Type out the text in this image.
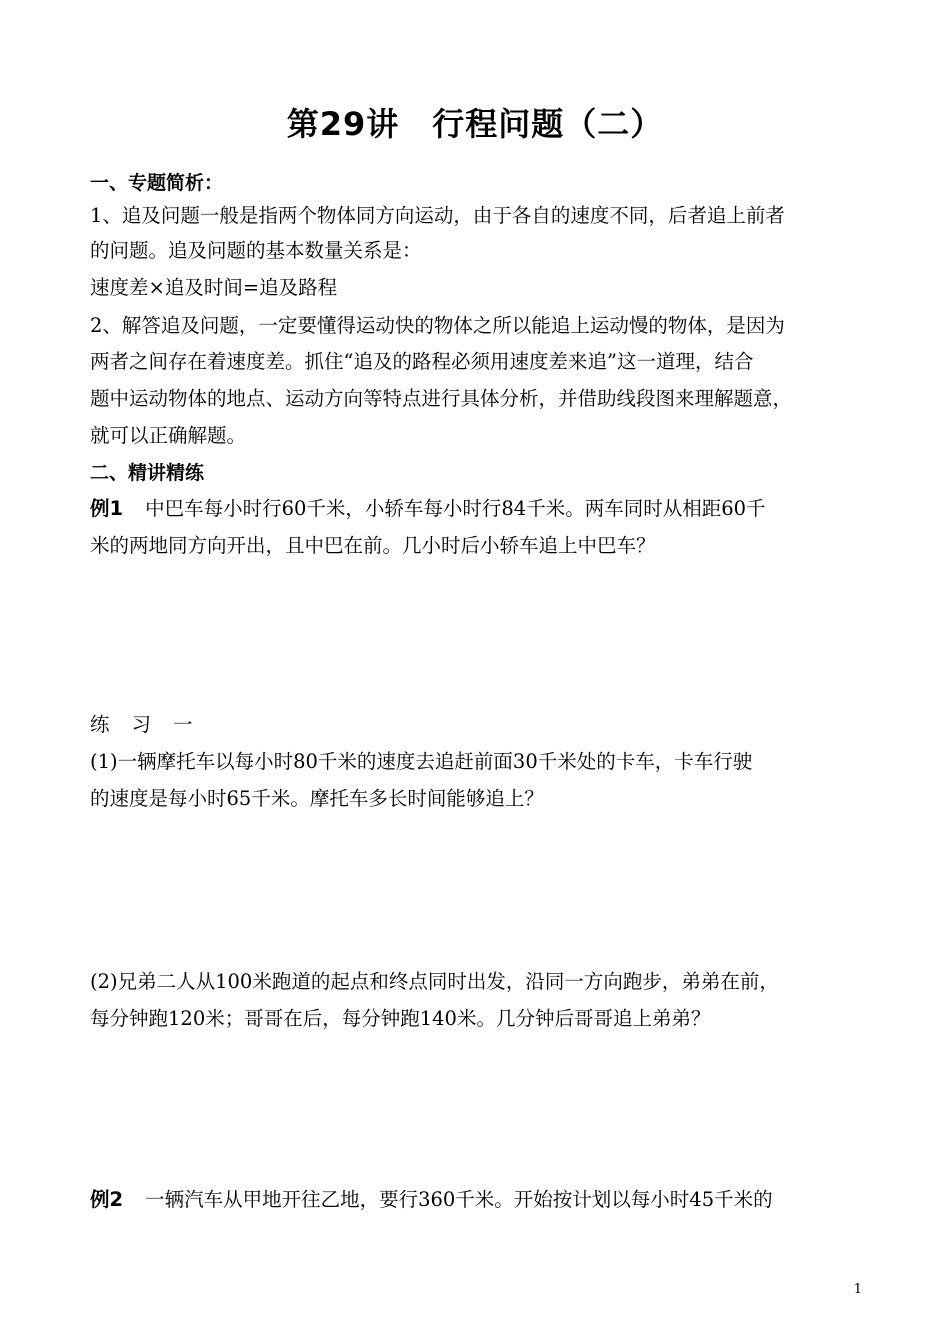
第29讲　行程问题（二）
一、专题简析：
1、追及问题一般是指两个物体同方向运动，由于各自的速度不同，后者追上前者
的问题。追及问题的基本数量关系是：
速度差×追及时间=追及路程
2、解答追及问题，一定要懂得运动快的物体之所以能追上运动慢的物体，是因为
两者之间存在着速度差。抓住“追及的路程必须用速度差来追”这一道理，结合
题中运动物体的地点、运动方向等特点进行具体分析，并借助线段图来理解题意，
就可以正确解题。
二、精讲精练
例1 中巴车每小时行60千米，小轿车每小时行84千米。两车同时从相距60千
米的两地同方向开出，且中巴在前。几小时后小轿车追上中巴车？
练习一
(1)一辆摩托车以每小时80千米的速度去追赶前面30千米处的卡车，卡车行驶
的速度是每小时65千米。摩托车多长时间能够追上？
(2)兄弟二人从100米跑道的起点和终点同时出发，沿同一方向跑步，弟弟在前，
每分钟跑120米；哥哥在后，每分钟跑140米。几分钟后哥哥追上弟弟？
例2 一辆汽车从甲地开往乙地，要行360千米。开始按计划以每小时45千米的
1
